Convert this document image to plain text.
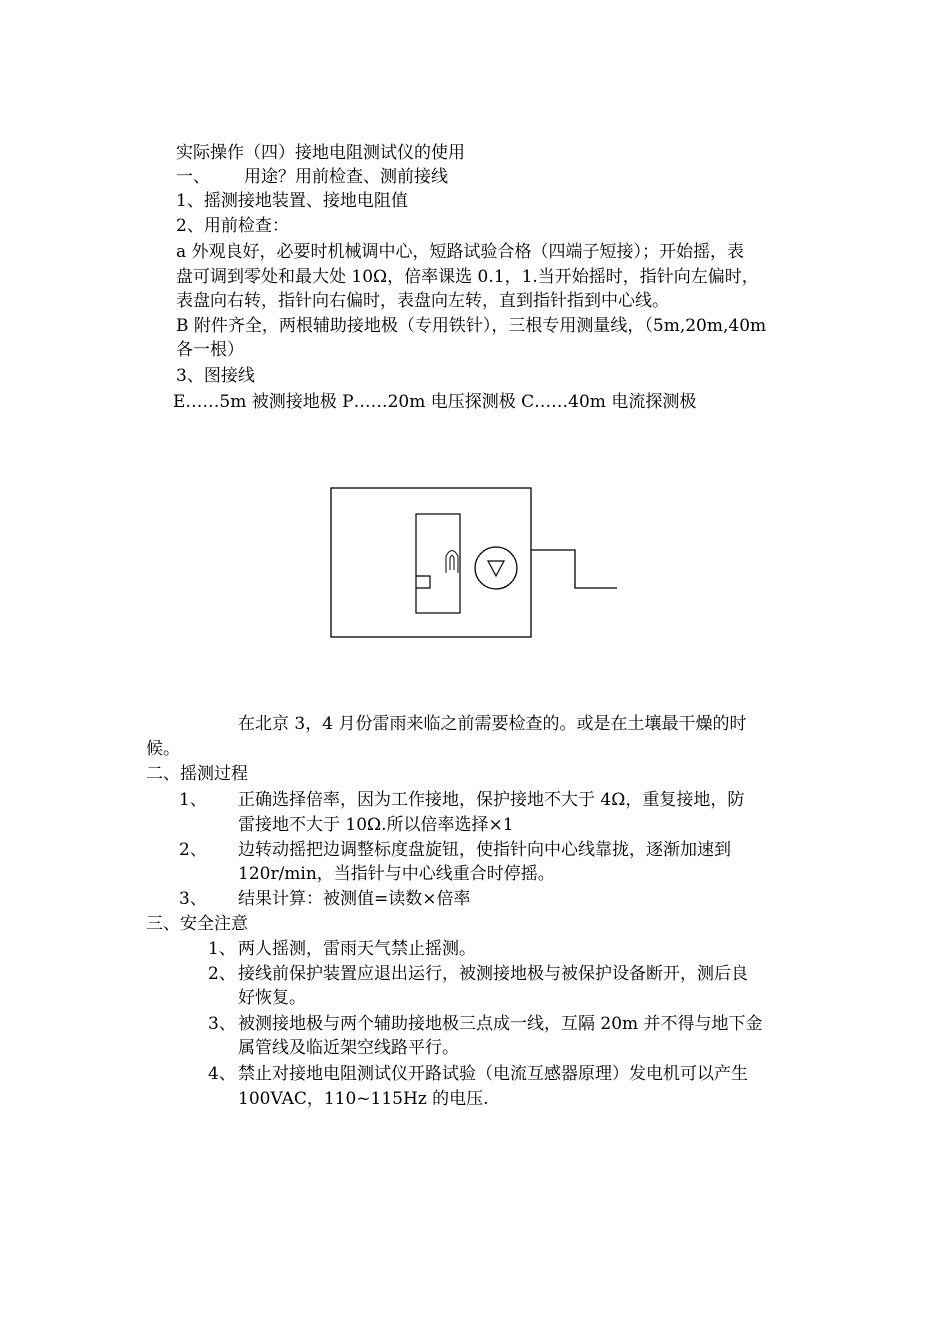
实际操作（四）接地电阻测试仪的使用
一、 用途？用前检查、测前接线
1、摇测接地装置、接地电阻值
2、用前检查：
a 外观良好，必要时机械调中心，短路试验合格（四端子短接）；开始摇，表
盘可调到零处和最大处 10Ω，倍率课选 0.1，1.当开始摇时，指针向左偏时，
表盘向右转，指针向右偏时，表盘向左转，直到指针指到中心线。
B 附件齐全，两根辅助接地极（专用铁针），三根专用测量线，（5m,20m,40m
各一根）
3、图接线
E……5m 被测接地极 P……20m 电压探测极 C……40m 电流探测极
在北京 3，4 月份雷雨来临之前需要检查的。或是在土壤最干燥的时
候。
二、摇测过程
1、 正确选择倍率，因为工作接地，保护接地不大于 4Ω，重复接地，防
雷接地不大于 10Ω.所以倍率选择×1
2、 边转动摇把边调整标度盘旋钮，使指针向中心线靠拢，逐渐加速到
120r/min，当指针与中心线重合时停摇。
3、 结果计算：被测值=读数×倍率
三、安全注意
1、 两人摇测，雷雨天气禁止摇测。
2、 接线前保护装置应退出运行，被测接地极与被保护设备断开，测后良
好恢复。
3、 被测接地极与两个辅助接地极三点成一线，互隔 20m 并不得与地下金
属管线及临近架空线路平行。
4、 禁止对接地电阻测试仪开路试验（电流互感器原理）发电机可以产生
100VAC，110~115Hz 的电压.
